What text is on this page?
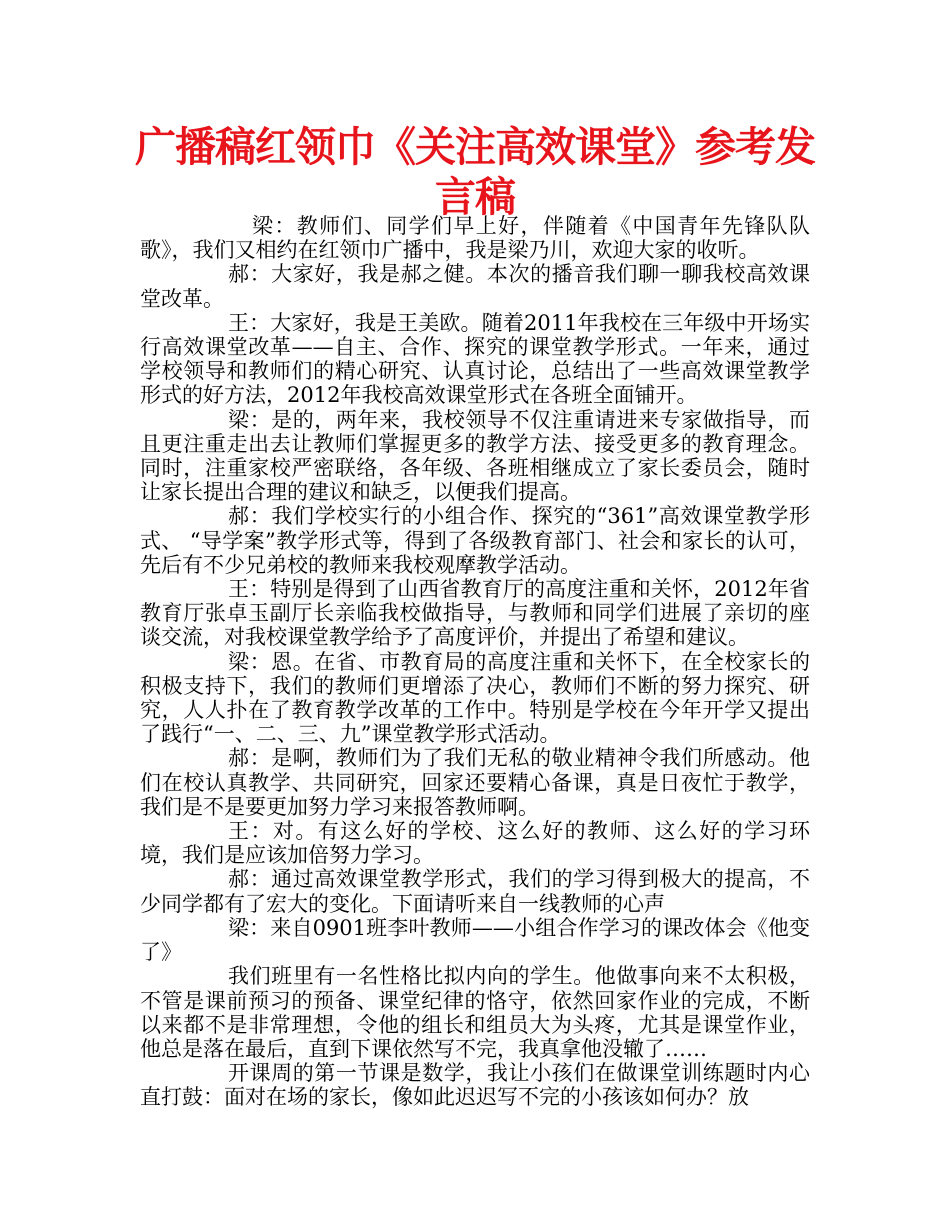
广播稿红领巾《关注高效课堂》参考发言稿

梁：教师们、同学们早上好，伴随着《中国青年先锋队队歌》，我们又相约在红领巾广播中，我是梁乃川，欢迎大家的收听。

郝：大家好，我是郝之健。本次的播音我们聊一聊我校高效课堂改革。

王：大家好，我是王美欧。随着2011年我校在三年级中开场实行高效课堂改革——自主、合作、探究的课堂教学形式。一年来，通过学校领导和教师们的精心研究、认真讨论，总结出了一些高效课堂教学形式的好方法，2012年我校高效课堂形式在各班全面铺开。

梁：是的，两年来，我校领导不仅注重请进来专家做指导，而且更注重走出去让教师们掌握更多的教学方法、接受更多的教育理念。同时，注重家校严密联络，各年级、各班相继成立了家长委员会，随时让家长提出合理的建议和缺乏，以便我们提高。

郝：我们学校实行的小组合作、探究的“361”高效课堂教学形式、 “导学案”教学形式等，得到了各级教育部门、社会和家长的认可，先后有不少兄弟校的教师来我校观摩教学活动。

王：特别是得到了山西省教育厅的高度注重和关怀，2012年省教育厅张卓玉副厅长亲临我校做指导，与教师和同学们进展了亲切的座谈交流，对我校课堂教学给予了高度评价，并提出了希望和建议。

梁：恩。在省、市教育局的高度注重和关怀下，在全校家长的积极支持下，我们的教师们更增添了决心，教师们不断的努力探究、研究，人人扑在了教育教学改革的工作中。特别是学校在今年开学又提出了践行“一、二、三、九”课堂教学形式活动。

郝：是啊，教师们为了我们无私的敬业精神令我们所感动。他们在校认真教学、共同研究，回家还要精心备课，真是日夜忙于教学，我们是不是要更加努力学习来报答教师啊。

王：对。有这么好的学校、这么好的教师、这么好的学习环境，我们是应该加倍努力学习。

郝：通过高效课堂教学形式，我们的学习得到极大的提高，不少同学都有了宏大的变化。下面请听来自一线教师的心声

梁：来自0901班李叶教师——小组合作学习的课改体会《他变了》

我们班里有一名性格比拟内向的学生。他做事向来不太积极，不管是课前预习的预备、课堂纪律的恪守，依然回家作业的完成，不断以来都不是非常理想，令他的组长和组员大为头疼，尤其是课堂作业，他总是落在最后，直到下课依然写不完，我真拿他没辙了……

开课周的第一节课是数学，我让小孩们在做课堂训练题时内心直打鼓：面对在场的家长，像如此迟迟写不完的小孩该如何办？放
